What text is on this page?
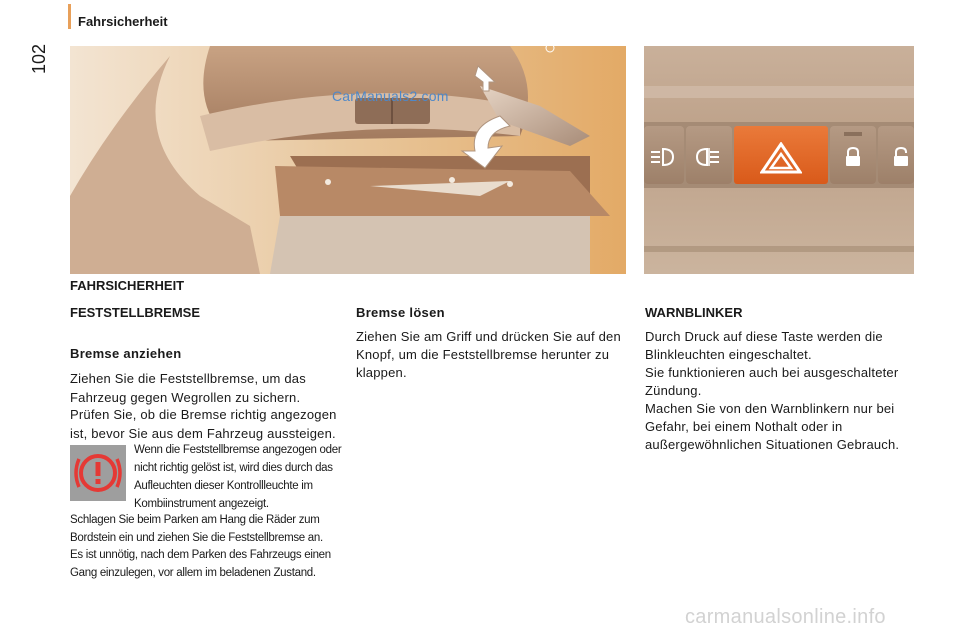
Fahrsicherheit
102
CarManuals2.com
FAHRSICHERHEIT
FESTSTELLBREMSE
Bremse anziehen
Ziehen Sie die Feststellbremse, um das Fahrzeug gegen Wegrollen zu sichern.
Prüfen Sie, ob die Bremse richtig angezogen ist, bevor Sie aus dem Fahrzeug aussteigen.
Wenn die Feststellbremse angezogen oder nicht richtig gelöst ist, wird dies durch das Aufleuchten dieser Kontrollleuchte im Kombiinstrument angezeigt.
Schlagen Sie beim Parken am Hang die Räder zum Bordstein ein und ziehen Sie die Feststellbremse an.
Es ist unnötig, nach dem Parken des Fahrzeugs einen Gang einzulegen, vor allem im beladenen Zustand.
Bremse lösen
Ziehen Sie am Griff und drücken Sie auf den Knopf, um die Feststellbremse herunter zu klappen.
WARNBLINKER
Durch Druck auf diese Taste werden die Blinkleuchten eingeschaltet.
Sie funktionieren auch bei ausgeschalteter Zündung.
Machen Sie von den Warnblinkern nur bei Gefahr, bei einem Nothalt oder in außergewöhnlichen Situationen Gebrauch.
carmanualsonline.info
